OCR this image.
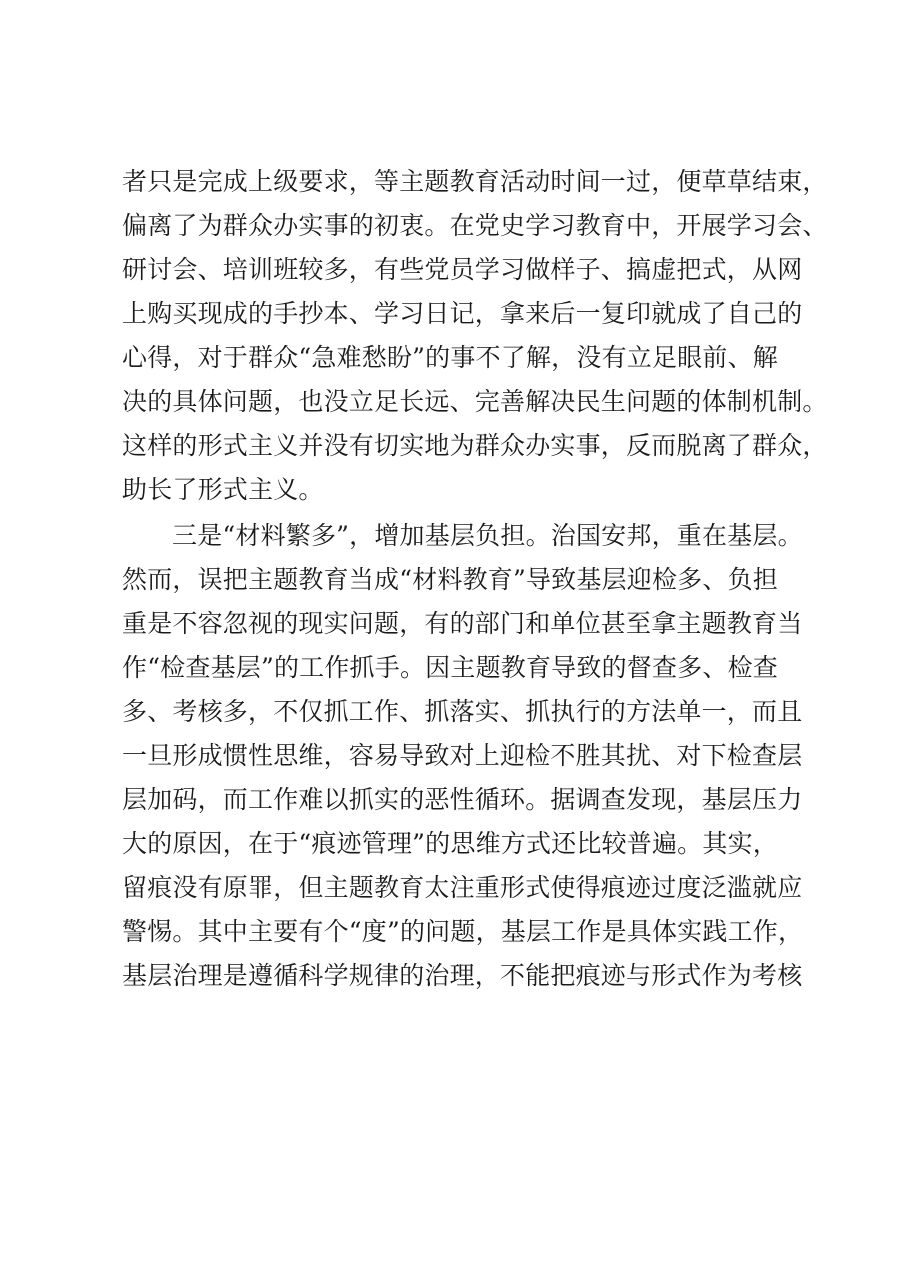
者只是完成上级要求，等主题教育活动时间一过，便草草结束，
偏离了为群众办实事的初衷。在党史学习教育中，开展学习会、
研讨会、培训班较多，有些党员学习做样子、搞虚把式，从网
上购买现成的手抄本、学习日记，拿来后一复印就成了自己的
心得，对于群众“急难愁盼”的事不了解，没有立足眼前、解
决的具体问题，也没立足长远、完善解决民生问题的体制机制。
这样的形式主义并没有切实地为群众办实事，反而脱离了群众，
助长了形式主义。
三是“材料繁多”，增加基层负担。治国安邦，重在基层。
然而，误把主题教育当成“材料教育”导致基层迎检多、负担
重是不容忽视的现实问题，有的部门和单位甚至拿主题教育当
作“检查基层”的工作抓手。因主题教育导致的督查多、检查
多、考核多，不仅抓工作、抓落实、抓执行的方法单一，而且
一旦形成惯性思维，容易导致对上迎检不胜其扰、对下检查层
层加码，而工作难以抓实的恶性循环。据调查发现，基层压力
大的原因，在于“痕迹管理”的思维方式还比较普遍。其实，
留痕没有原罪，但主题教育太注重形式使得痕迹过度泛滥就应
警惕。其中主要有个“度”的问题，基层工作是具体实践工作，
基层治理是遵循科学规律的治理，不能把痕迹与形式作为考核
